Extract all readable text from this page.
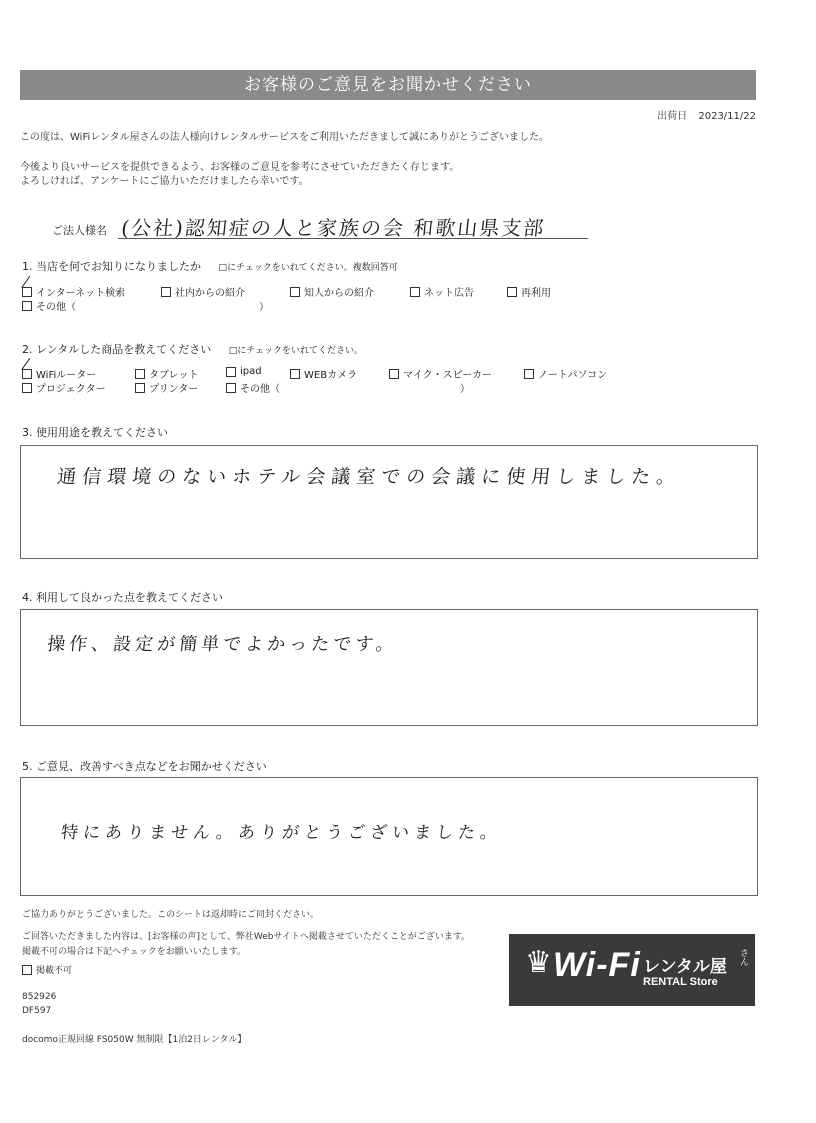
お客様のご意見をお聞かせください
出荷日 2023/11/22
この度は、WiFiレンタル屋さんの法人様向けレンタルサービスをご利用いただきまして誠にありがとうございました。
今後より良いサービスを提供できるよう、お客様のご意見を参考にさせていただきたく存じます。
よろしければ、アンケートにご協力いただけましたら幸いです。
ご法人様名 (公社)認知症の人と家族の会 和歌山県支部
1. 当店を何でお知りになりましたか □にチェックをいれてください。複数回答可
インターネット検索	社内からの紹介	知人からの紹介	ネット広告	再利用
その他（	）
2. レンタルした商品を教えてください □にチェックをいれてください。
WiFiルーター	タブレット	ipad	WEBカメラ	マイク・スピーカー	ノートパソコン
プロジェクター	プリンター	その他（	）
3. 使用用途を教えてください
通信環境のないホテル会議室での会議に使用しました。
4. 利用して良かった点を教えてください
操作、設定が簡単でよかったです。
5. ご意見、改善すべき点などをお聞かせください
特にありません。ありがとうございました。
ご協力ありがとうございました。このシートは返却時にご同封ください。
ご回答いただきました内容は、[お客様の声]として、弊社Webサイトへ掲載させていただくことがございます。
掲載不可の場合は下記へチェックをお願いいたします。
掲載不可
852926
DF597
docomo正規回線 FS050W 無制限【1泊2日レンタル】
♛ Wi-Fi レンタル屋 さん
RENTAL Store
